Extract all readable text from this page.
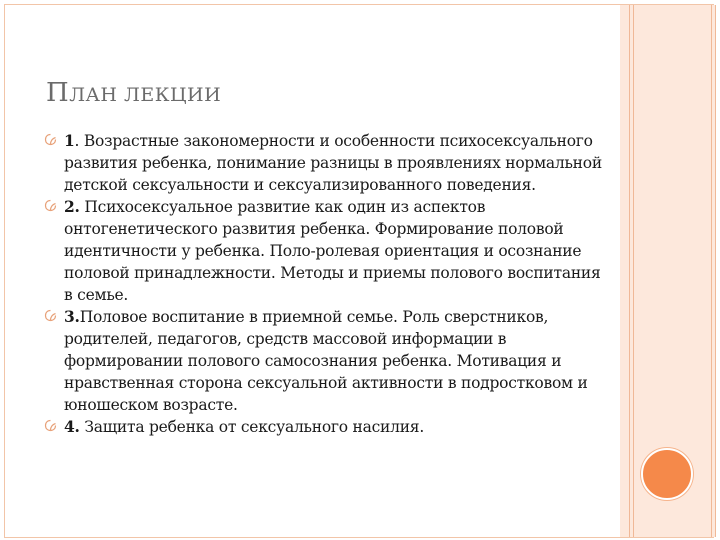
ПЛАН ЛЕКЦИИ
1. Возрастные закономерности и особенности психосексуального развития ребенка, понимание разницы в проявлениях нормальной детской сексуальности и сексуализированного поведения.
2. Психосексуальное развитие как один из аспектов онтогенетического развития ребенка. Формирование половой идентичности у ребенка. Поло-ролевая ориентация и осознание половой принадлежности. Методы и приемы полового воспитания в семье.
3.Половое воспитание в приемной семье. Роль сверстников, родителей, педагогов, средств массовой информации в формировании полового самосознания ребенка. Мотивация и нравственная сторона сексуальной активности в подростковом и юношеском возрасте.
4. Защита ребенка от сексуального насилия.
